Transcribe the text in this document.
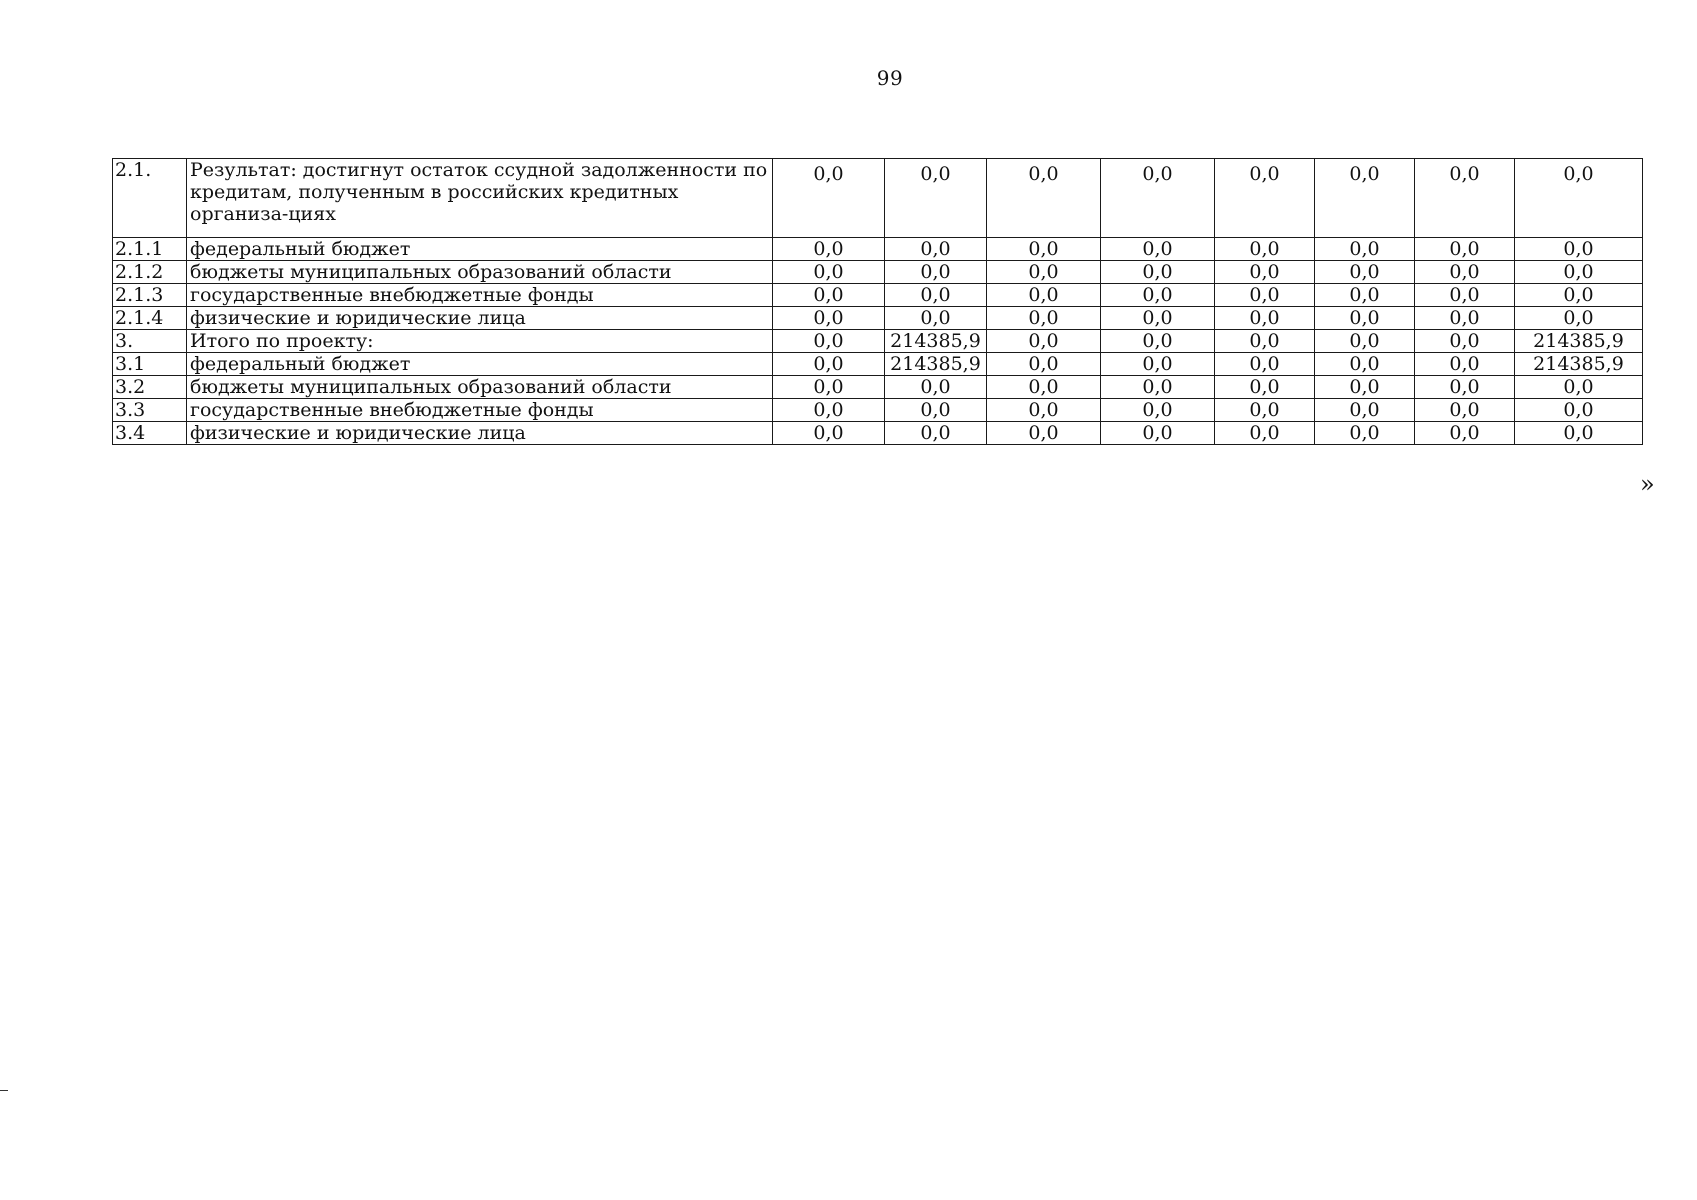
99
2.1.	Результат: достигнут остаток ссудной задолженности по кредитам, полученным в российских кредитных организа-циях	0,0	0,0	0,0	0,0	0,0	0,0	0,0	0,0
2.1.1	федеральный бюджет	0,0	0,0	0,0	0,0	0,0	0,0	0,0	0,0
2.1.2	бюджеты муниципальных образований области	0,0	0,0	0,0	0,0	0,0	0,0	0,0	0,0
2.1.3	государственные внебюджетные фонды	0,0	0,0	0,0	0,0	0,0	0,0	0,0	0,0
2.1.4	физические и юридические лица	0,0	0,0	0,0	0,0	0,0	0,0	0,0	0,0
3.	Итого по проекту:	0,0	214385,9	0,0	0,0	0,0	0,0	0,0	214385,9
3.1	федеральный бюджет	0,0	214385,9	0,0	0,0	0,0	0,0	0,0	214385,9
3.2	бюджеты муниципальных образований области	0,0	0,0	0,0	0,0	0,0	0,0	0,0	0,0
3.3	государственные внебюджетные фонды	0,0	0,0	0,0	0,0	0,0	0,0	0,0	0,0
3.4	физические и юридические лица	0,0	0,0	0,0	0,0	0,0	0,0	0,0	0,0
»
